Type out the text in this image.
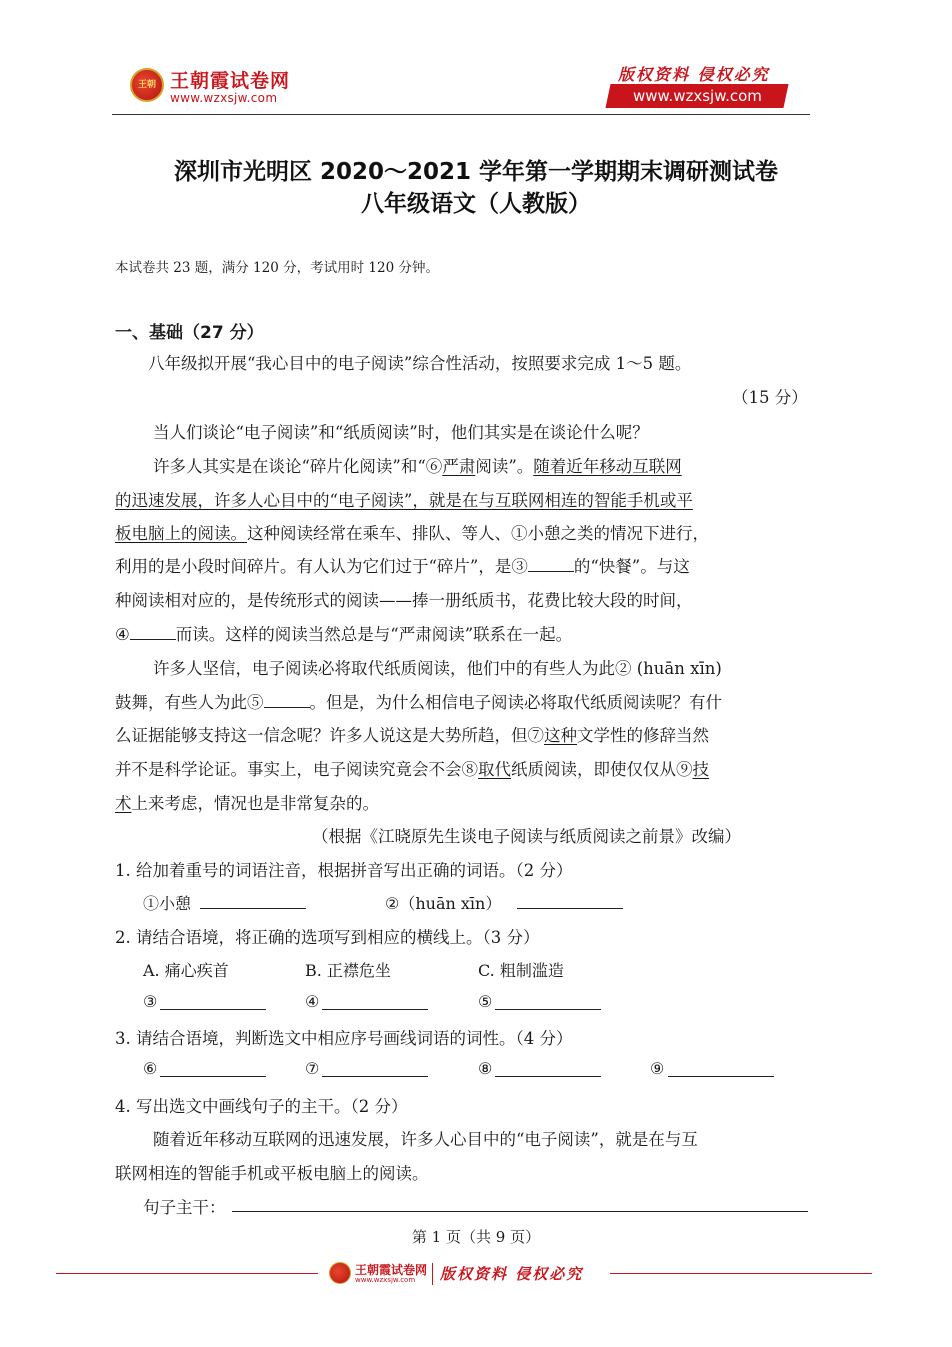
王朝 王朝霞试卷网
www.wzxsjw.com
版权资料 侵权必究
www.wzxsjw.com
深圳市光明区 2020～2021 学年第一学期期末调研测试卷
八年级语文（人教版）
本试卷共 23 题，满分 120 分，考试用时 120 分钟。
一、基础（27 分）
八年级拟开展“我心目中的电子阅读”综合性活动，按照要求完成 1～5 题。
（15 分）
当人们谈论“电子阅读”和“纸质阅读”时，他们其实是在谈论什么呢？
许多人其实是在谈论“碎片化阅读”和“⑥严肃阅读”。随着近年移动互联网
的迅速发展，许多人心目中的“电子阅读”，就是在与互联网相连的智能手机或平
板电脑上的阅读。这种阅读经常在乘车、排队、等人、①小憩之类的情况下进行，
利用的是小段时间碎片。有人认为它们过于“碎片”，是③	的“快餐”。与这
种阅读相对应的，是传统形式的阅读——捧一册纸质书，花费比较大段的时间，
④	而读。这样的阅读当然总是与“严肃阅读”联系在一起。
许多人坚信，电子阅读必将取代纸质阅读，他们中的有些人为此② (huān xīn)
鼓舞，有些人为此⑤	。但是，为什么相信电子阅读必将取代纸质阅读呢？有什
么证据能够支持这一信念呢？许多人说这是大势所趋，但⑦这种文学性的修辞当然
并不是科学论证。事实上，电子阅读究竟会不会⑧取代纸质阅读，即使仅仅从⑨技
术上来考虑，情况也是非常复杂的。
（根据《江晓原先生谈电子阅读与纸质阅读之前景》改编）
1. 给加着重号的词语注音，根据拼音写出正确的词语。（2 分）
①小憩	②（huān xīn）
2. 请结合语境，将正确的选项写到相应的横线上。（3 分）
A. 痛心疾首	B. 正襟危坐	C. 粗制滥造
③	④	⑤
3. 请结合语境，判断选文中相应序号画线词语的词性。（4 分）
⑥	⑦	⑧	⑨
4. 写出选文中画线句子的主干。（2 分）
随着近年移动互联网的迅速发展，许多人心目中的“电子阅读”，就是在与互
联网相连的智能手机或平板电脑上的阅读。
句子主干：
第 1 页（共 9 页）
王朝霞试卷网
www.wzxsjw.com 版权资料 侵权必究
